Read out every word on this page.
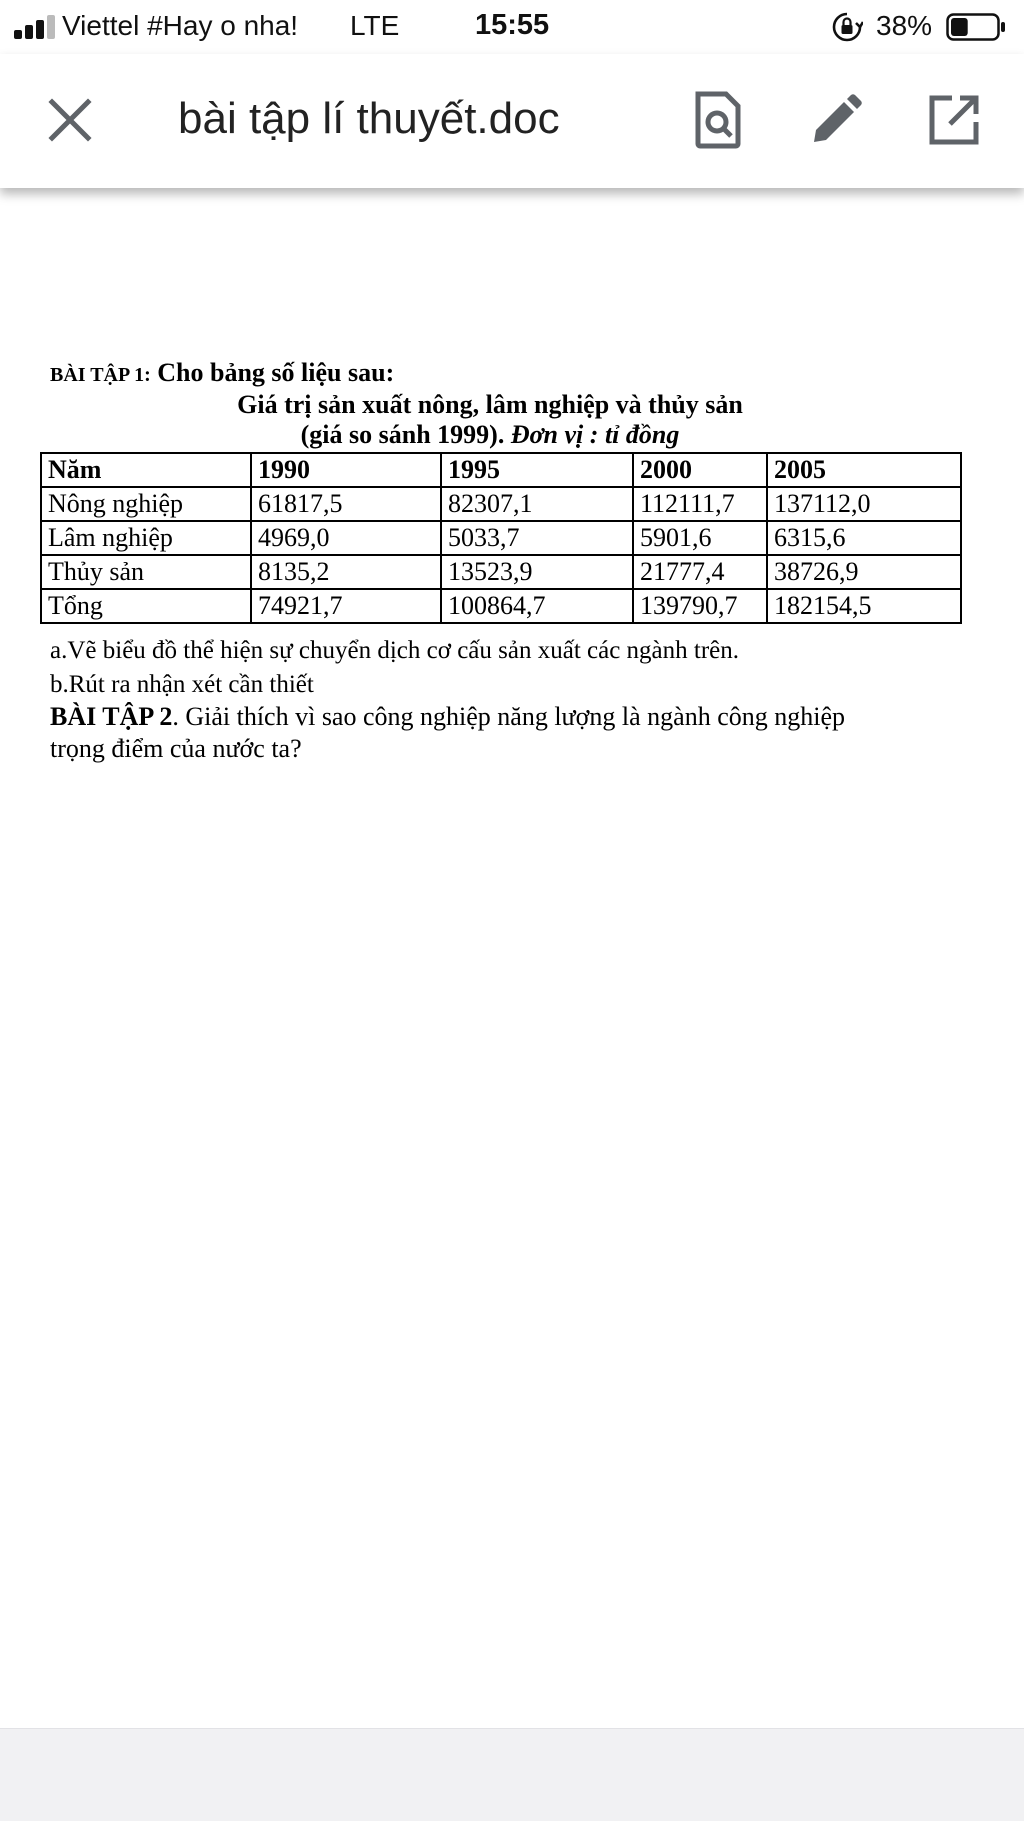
Viettel #Hay o nha! LTE	15:55	38%
bài tập lí thuyết.doc
BÀI TẬP 1: Cho bảng số liệu sau:
Giá trị sản xuất nông, lâm nghiệp và thủy sản
(giá so sánh 1999). Đơn vị : tỉ đồng
Năm	1990	1995	2000	2005
Nông nghiệp	61817,5	82307,1	112111,7	137112,0
Lâm nghiệp	4969,0	5033,7	5901,6	6315,6
Thủy sản	8135,2	13523,9	21777,4	38726,9
Tổng	74921,7	100864,7	139790,7	182154,5
a.Vẽ biểu đồ thể hiện sự chuyển dịch cơ cấu sản xuất các ngành trên.
b.Rút ra nhận xét cần thiết
BÀI TẬP 2. Giải thích vì sao công nghiệp năng lượng là ngành công nghiệp
trọng điểm của nước ta?
